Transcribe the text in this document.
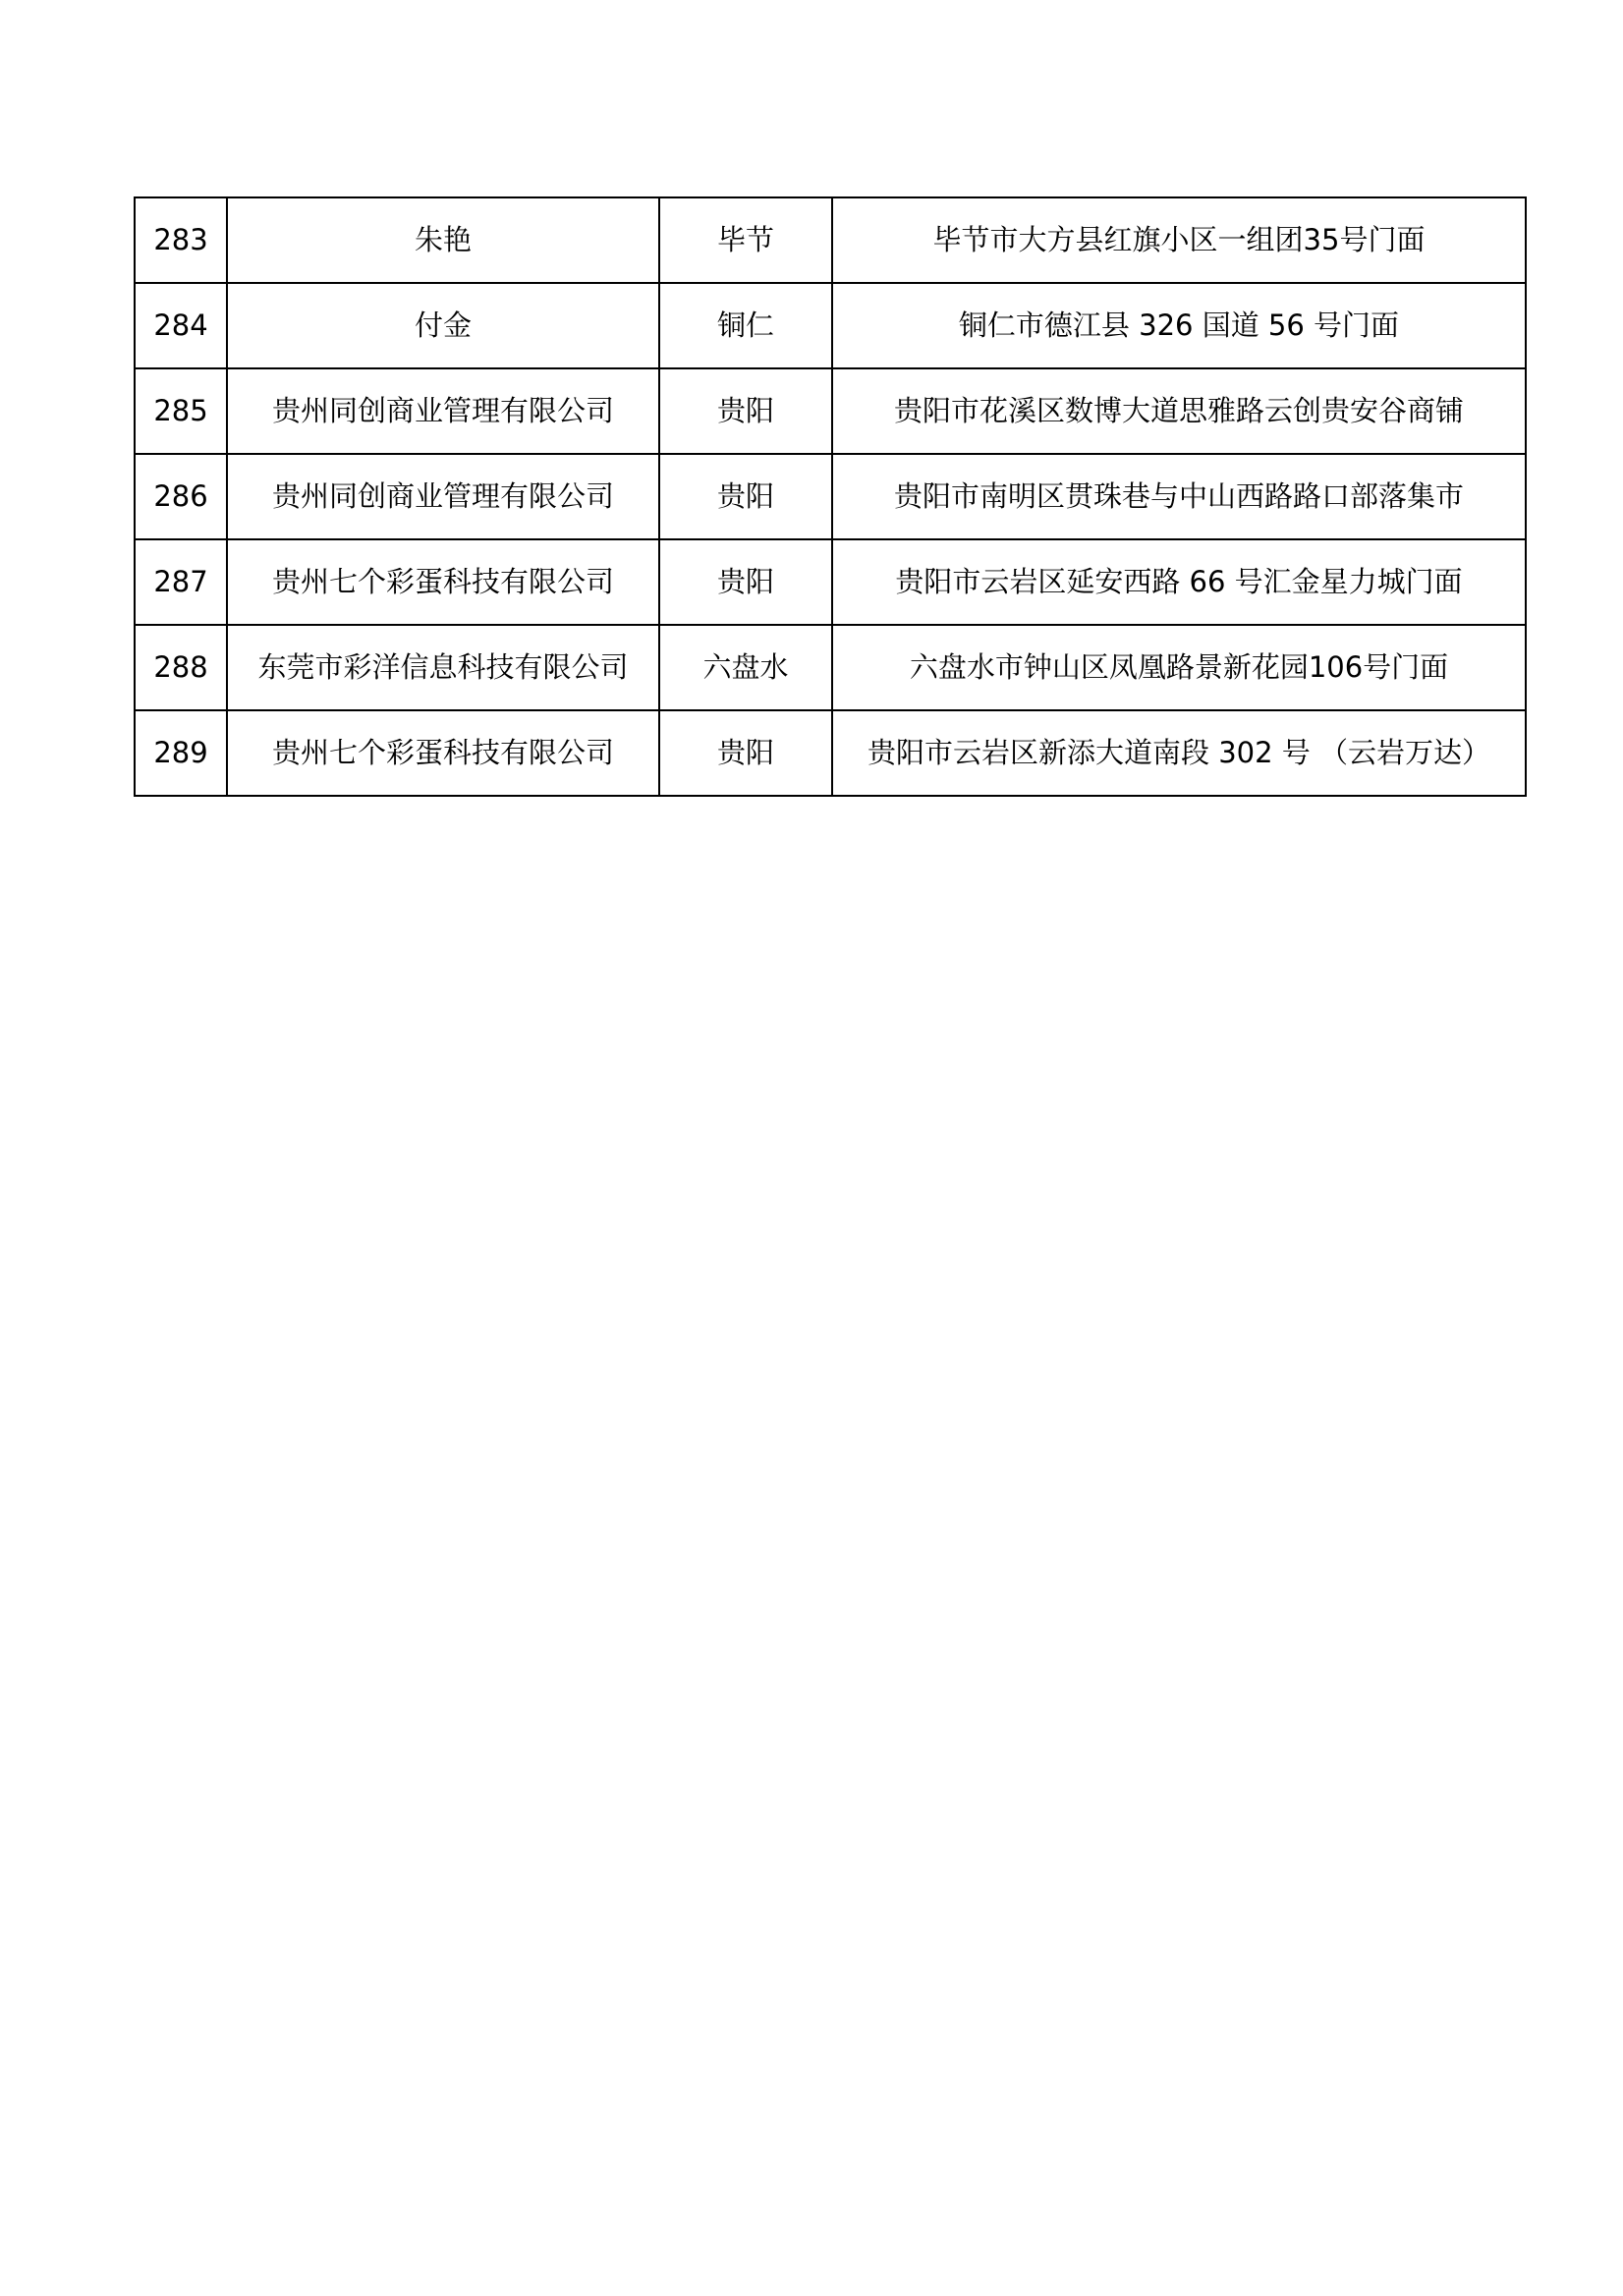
283	朱艳	毕节	毕节市大方县红旗小区一组团35号门面
284	付金	铜仁	铜仁市德江县 326 国道 56 号门面
285	贵州同创商业管理有限公司	贵阳	贵阳市花溪区数博大道思雅路云创贵安谷商铺
286	贵州同创商业管理有限公司	贵阳	贵阳市南明区贯珠巷与中山西路路口部落集市
287	贵州七个彩蛋科技有限公司	贵阳	贵阳市云岩区延安西路 66 号汇金星力城门面
288	东莞市彩洋信息科技有限公司	六盘水	六盘水市钟山区凤凰路景新花园106号门面
289	贵州七个彩蛋科技有限公司	贵阳	贵阳市云岩区新添大道南段 302 号 （云岩万达）
